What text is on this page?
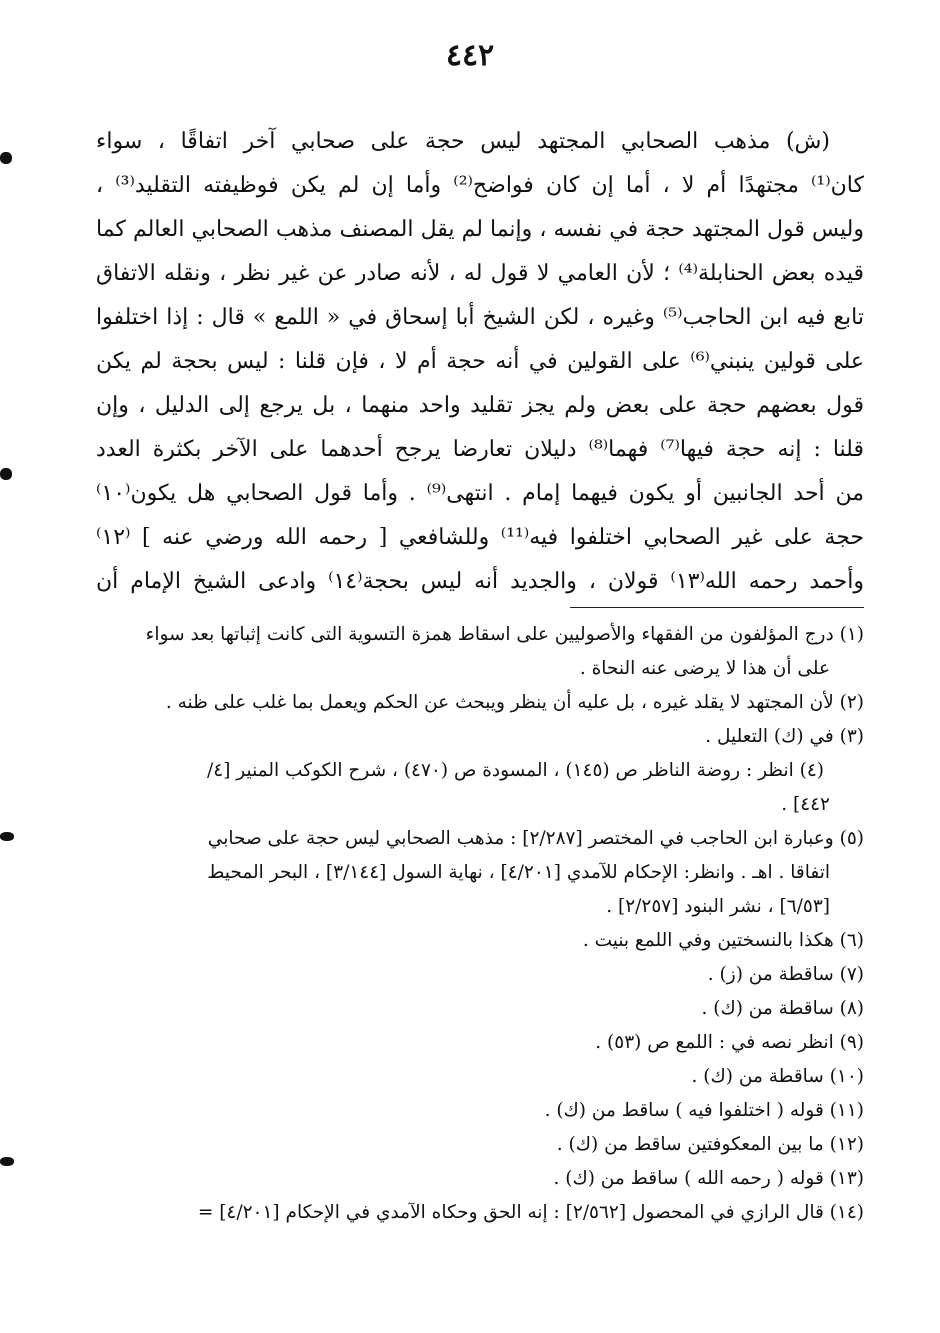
٤٤٢
(ش) مذهب الصحابي المجتهد ليس حجة على صحابي آخر اتفاقًا ، سواء
كان⁽¹⁾ مجتهدًا أم لا ، أما إن كان فواضح⁽²⁾ وأما إن لم يكن فوظيفته التقليد⁽³⁾ ،
وليس قول المجتهد حجة في نفسه ، وإنما لم يقل المصنف مذهب الصحابي العالم كما
قيده بعض الحنابلة⁽⁴⁾ ؛ لأن العامي لا قول له ، لأنه صادر عن غير نظر ، ونقله الاتفاق
تابع فيه ابن الحاجب⁽⁵⁾ وغيره ، لكن الشيخ أبا إسحاق في « اللمع » قال : إذا اختلفوا
على قولين ينبني⁽⁶⁾ على القولين في أنه حجة أم لا ، فإن قلنا : ليس بحجة لم يكن
قول بعضهم حجة على بعض ولم يجز تقليد واحد منهما ، بل يرجع إلى الدليل ، وإن
قلنا : إنه حجة فيها⁽⁷⁾ فهما⁽⁸⁾ دليلان تعارضا يرجح أحدهما على الآخر بكثرة العدد
من أحد الجانبين أو يكون فيهما إمام . انتهى⁽⁹⁾ . وأما قول الصحابي هل يكون⁽١٠⁾
حجة على غير الصحابي اختلفوا فيه⁽¹¹⁾ وللشافعي [ رحمه الله ورضي عنه ] ⁽١٢⁾
وأحمد رحمه الله⁽١٣⁾ قولان ، والجديد أنه ليس بحجة⁽١٤⁾ وادعى الشيخ الإمام أن
(١) درج المؤلفون من الفقهاء والأصوليين على اسقاط همزة التسوية التى كانت إثباتها بعد سواء
على أن هذا لا يرضى عنه النحاة .
(٢) لأن المجتهد لا يقلد غيره ، بل عليه أن ينظر ويبحث عن الحكم ويعمل بما غلب على ظنه .
(٣) في (ك) التعليل .
(٤) انظر : روضة الناظر ص (١٤٥) ، المسودة ص (٤٧٠) ، شرح الكوكب المنير [٤/
٤٤٢] .
(٥) وعبارة ابن الحاجب في المختصر [٢/٢٨٧] : مذهب الصحابي ليس حجة على صحابي
اتفاقا . اهـ . وانظر: الإحكام للآمدي [٤/٢٠١] ، نهاية السول [٣/١٤٤] ، البحر المحيط
[٦/٥٣] ، نشر البنود [٢/٢٥٧] .
(٦) هكذا بالنسختين وفي اللمع بنيت .
(٧) ساقطة من (ز) .
(٨) ساقطة من (ك) .
(٩) انظر نصه في : اللمع ص (٥٣) .
(١٠) ساقطة من (ك) .
(١١) قوله ( اختلفوا فيه ) ساقط من (ك) .
(١٢) ما بين المعكوفتين ساقط من (ك) .
(١٣) قوله ( رحمه الله ) ساقط من (ك) .
(١٤) قال الرازي في المحصول [٢/٥٦٢] : إنه الحق وحكاه الآمدي في الإحكام [٤/٢٠١] =
